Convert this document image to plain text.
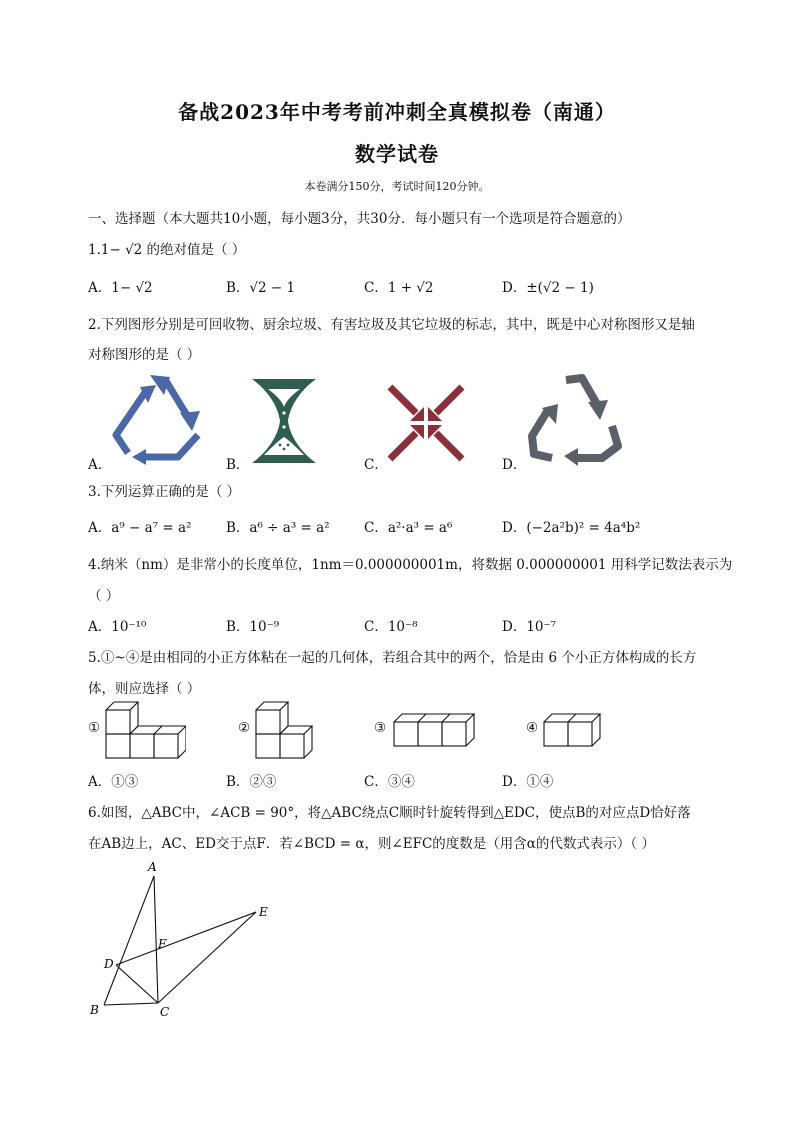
备战2023年中考考前冲刺全真模拟卷（南通）
数学试卷
本卷满分150分，考试时间120分钟。
一、选择题（本大题共10小题，每小题3分，共30分．每小题只有一个选项是符合题意的）
1.1− √2 的绝对值是（ ）
A．1− √2	B．√2 − 1	C．1 + √2	D．±(√2 − 1)
2.下列图形分别是可回收物、厨余垃圾、有害垃圾及其它垃圾的标志，其中，既是中心对称图形又是轴
对称图形的是（ ）
A．	B．	C．	D．
3.下列运算正确的是（ ）
A．a⁹ − a⁷ = a²	B．a⁶ ÷ a³ = a²	C．a²·a³ = a⁶	D．(−2a²b)² = 4a⁴b²
4.纳米（nm）是非常小的长度单位，1nm＝0.000000001m，将数据 0.000000001 用科学记数法表示为
（ ）
A．10⁻¹⁰	B．10⁻⁹	C．10⁻⁸	D．10⁻⁷
5.①~④是由相同的小正方体粘在一起的几何体，若组合其中的两个，恰是由 6 个小正方体构成的长方
体，则应选择（ ）
①	②	③	④
A．①③	B．②③	C．③④	D．①④
6.如图，△ABC中，∠ACB = 90°，将△ABC绕点C顺时针旋转得到△EDC，使点B的对应点D恰好落
在AB边上，AC、ED交于点F．若∠BCD = α，则∠EFC的度数是（用含α的代数式表示）（ ）
A
E
F
D
B	C
